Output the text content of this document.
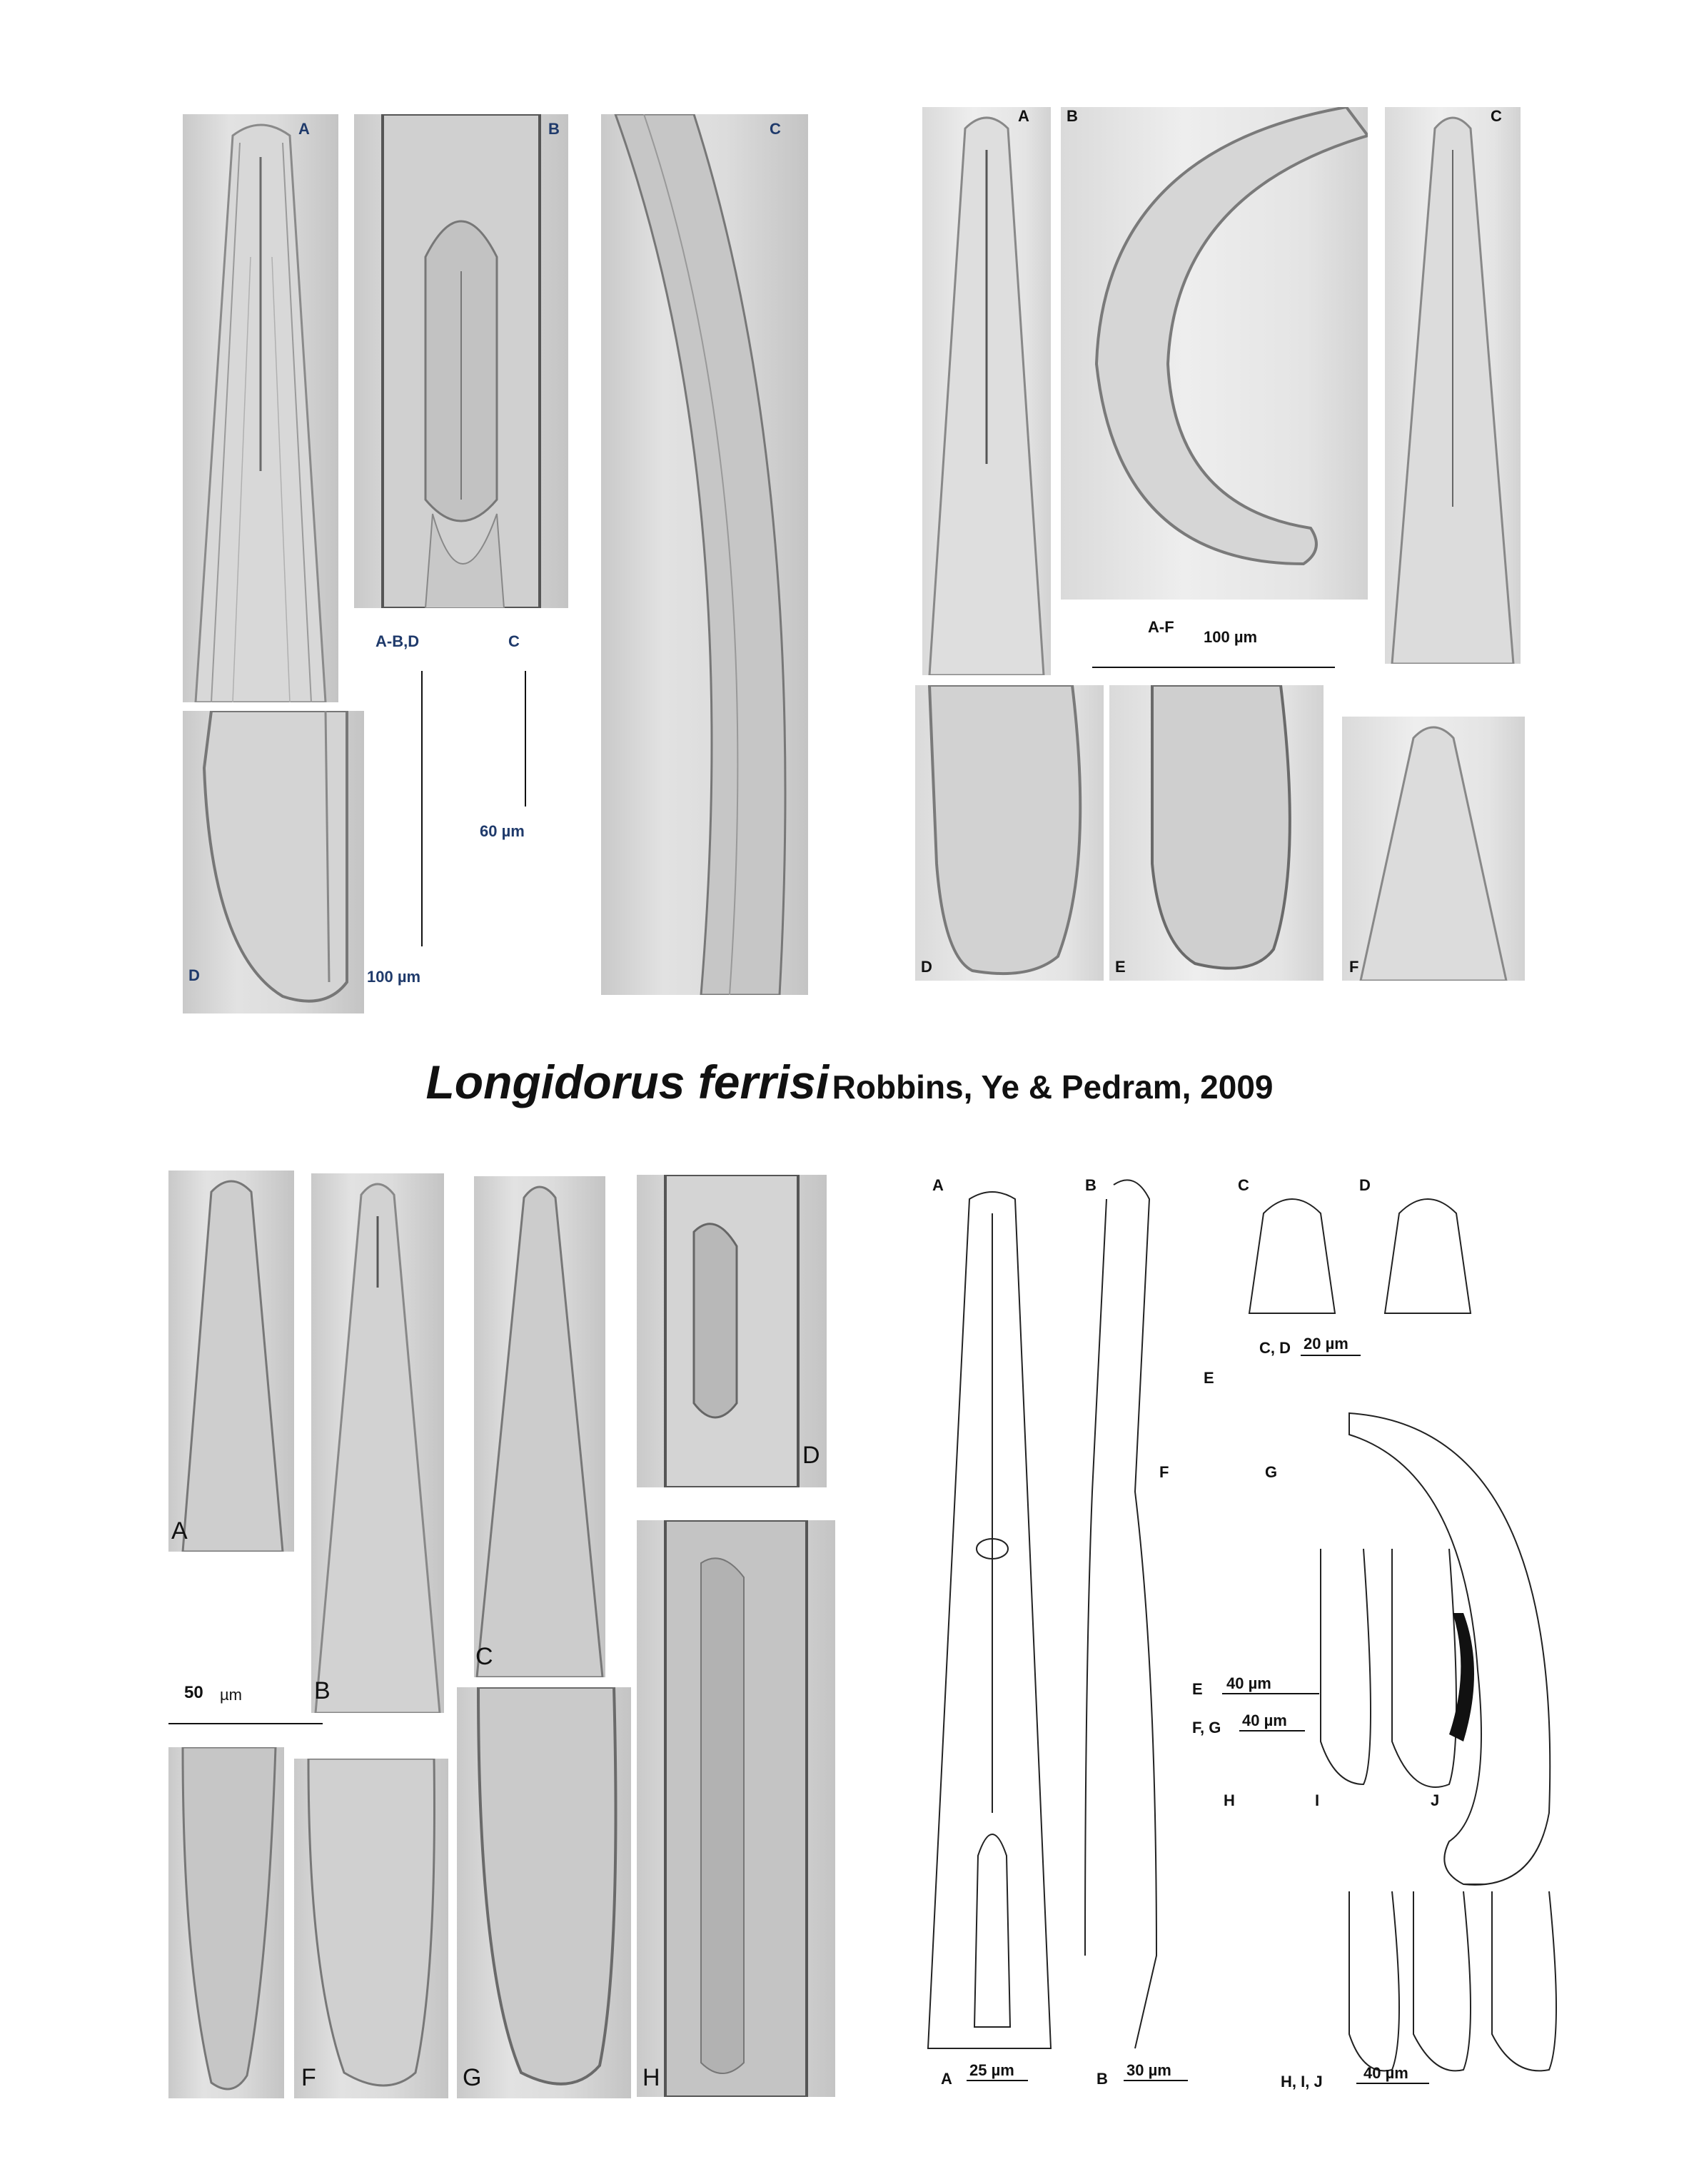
A	B	C
D
A-B,D	C
60 µm
100 µm
A B	C
A-F
100 µm
D	E	F
Longidorus ferrisi Robbins, Ye & Pedram, 2009
A
B
C
D
H
50 µm
F	G
A	B	C	D
E
F	G
H	I	J
C, D 20 µm
E 40 µm
F, G 40 µm
A 25 µm	B 30 µm
H, I, J	40 µm
